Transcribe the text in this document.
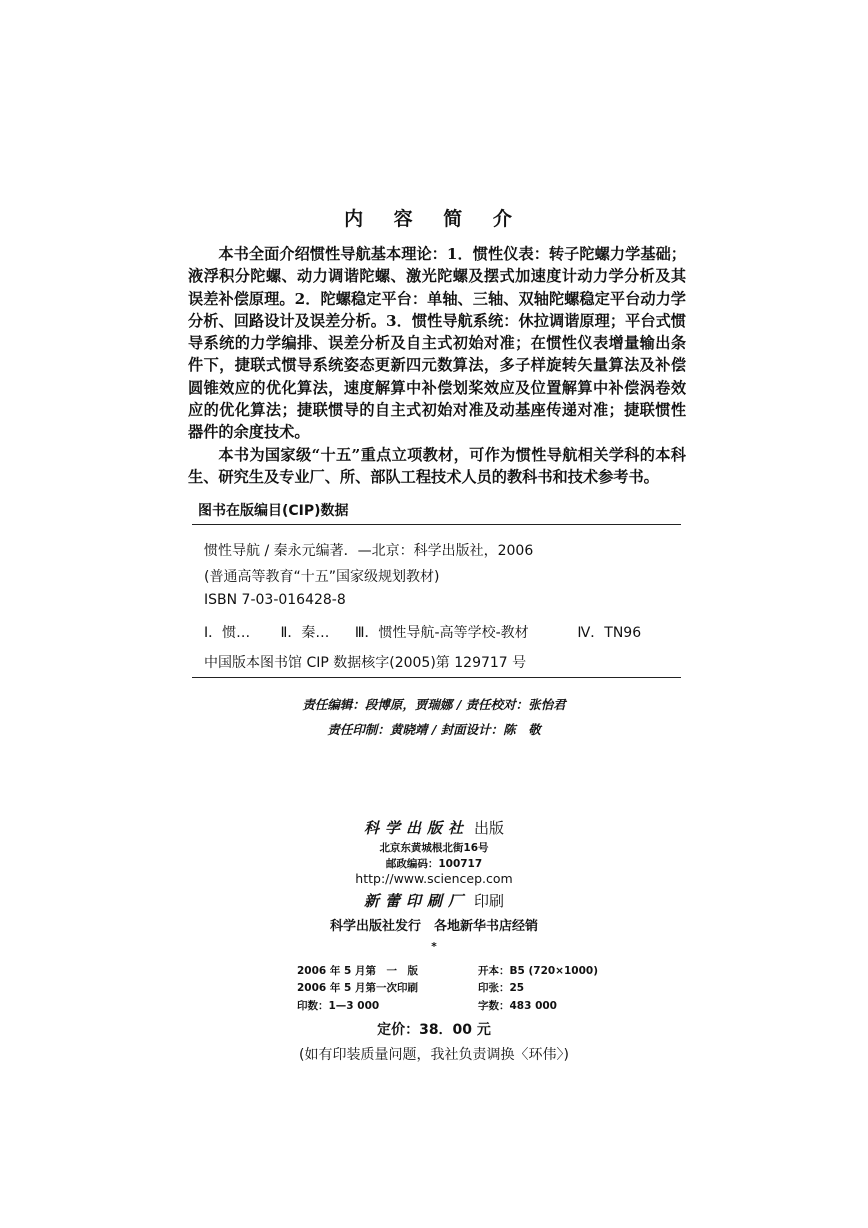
内 容 简 介

本书全面介绍惯性导航基本理论：1．惯性仪表：转子陀螺力学基础；液浮积分陀螺、动力调谐陀螺、激光陀螺及摆式加速度计动力学分析及其误差补偿原理。2．陀螺稳定平台：单轴、三轴、双轴陀螺稳定平台动力学分析、回路设计及误差分析。3．惯性导航系统：休拉调谐原理；平台式惯导系统的力学编排、误差分析及自主式初始对准；在惯性仪表增量输出条件下，捷联式惯导系统姿态更新四元数算法，多子样旋转矢量算法及补偿圆锥效应的优化算法，速度解算中补偿划桨效应及位置解算中补偿涡卷效应的优化算法；捷联惯导的自主式初始对准及动基座传递对准；捷联惯性器件的余度技术。

本书为国家级“十五”重点立项教材，可作为惯性导航相关学科的本科生、研究生及专业厂、所、部队工程技术人员的教科书和技术参考书。

图书在版编目(CIP)数据
惯性导航 / 秦永元编著．—北京：科学出版社，2006
(普通高等教育“十五”国家级规划教材)
ISBN 7-03-016428-8
Ⅰ．惯… Ⅱ．秦… Ⅲ．惯性导航-高等学校-教材	Ⅳ．TN96
中国版本图书馆 CIP 数据核字(2005)第 129717 号
责任编辑：段博原，贾瑞娜 / 责任校对：张怡君
责任印制：黄晓靖 / 封面设计：陈　敬
科学出版社 出版
北京东黄城根北街16号
邮政编码：100717
http://www.sciencep.com
新蕾印刷厂 印刷
科学出版社发行　各地新华书店经销
*
2006 年 5 月第　一　版	开本：B5 (720×1000)
2006 年 5 月第一次印刷	印张：25
印数：1—3 000	字数：483 000
定价：38．00 元
(如有印装质量问题，我社负责调换〈环伟〉)
